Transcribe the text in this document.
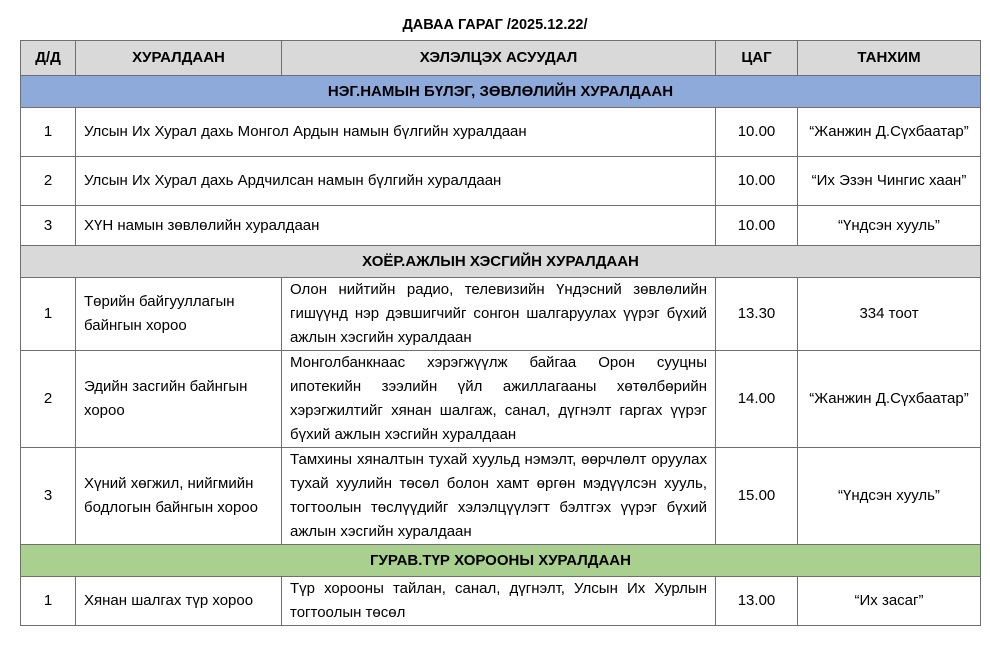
ДАВАА ГАРАГ /2025.12.22/
Д/Д	ХУРАЛДААН	ХЭЛЭЛЦЭХ АСУУДАЛ	ЦАГ	ТАНХИМ
НЭГ.НАМЫН БҮЛЭГ, ЗӨВЛӨЛИЙН ХУРАЛДААН				
1	Улсын Их Хурал дахь Монгол Ардын намын бүлгийн хуралдаан		10.00	“Жанжин Д.Сүхбаатар”
2	Улсын Их Хурал дахь Ардчилсан намын бүлгийн хуралдаан		10.00	“Их Эзэн Чингис хаан”
3	ХҮН намын зөвлөлийн хуралдаан		10.00	“Үндсэн хууль”
ХОЁР.АЖЛЫН ХЭСГИЙН ХУРАЛДААН				
1	Төрийн байгууллагын байнгын хороо	Олон нийтийн радио, телевизийн Үндэсний зөвлөлийн гишүүнд нэр дэвшигчийг сонгон шалгаруулах үүрэг бүхий ажлын хэсгийн хуралдаан	13.30	334 тоот
2	Эдийн засгийн байнгын хороо	Монголбанкнаас хэрэгжүүлж байгаа Орон сууцны ипотекийн зээлийн үйл ажиллагааны хөтөлбөрийн хэрэгжилтийг хянан шалгаж, санал, дүгнэлт гаргах үүрэг бүхий ажлын хэсгийн хуралдаан	14.00	“Жанжин Д.Сүхбаатар”
3	Хүний хөгжил, нийгмийн бодлогын байнгын хороо	Тамхины хяналтын тухай хуульд нэмэлт, өөрчлөлт оруулах тухай хуулийн төсөл болон хамт өргөн мэдүүлсэн хууль, тогтоолын төслүүдийг хэлэлцүүлэгт бэлтгэх үүрэг бүхий ажлын хэсгийн хуралдаан	15.00	“Үндсэн хууль”
ГУРАВ.ТҮР ХОРООНЫ ХУРАЛДААН				
1	Хянан шалгах түр хороо	Түр хорооны тайлан, санал, дүгнэлт, Улсын Их Хурлын тогтоолын төсөл	13.00	“Их засаг”
